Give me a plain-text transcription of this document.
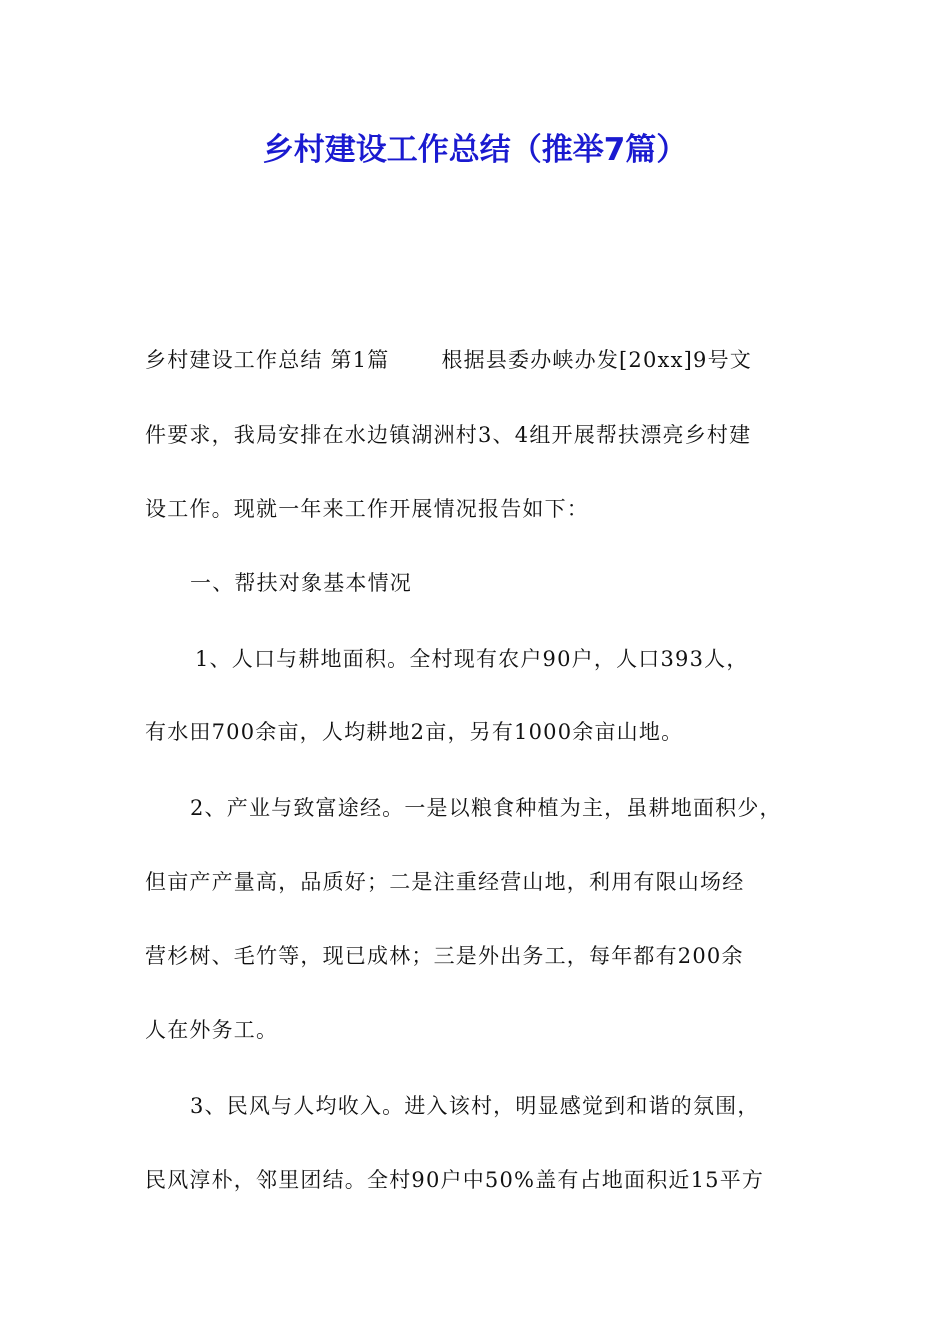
乡村建设工作总结（推举7篇）
乡村建设工作总结 第1篇 根据县委办峡办发[20xx]9号文
件要求，我局安排在水边镇湖洲村3、4组开展帮扶漂亮乡村建
设工作。现就一年来工作开展情况报告如下：
一、帮扶对象基本情况
1、人口与耕地面积。全村现有农户90户，人口393人，
有水田700余亩，人均耕地2亩，另有1000余亩山地。
2、产业与致富途经。一是以粮食种植为主，虽耕地面积少，
但亩产产量高，品质好；二是注重经营山地，利用有限山场经
营杉树、毛竹等，现已成林；三是外出务工，每年都有200余
人在外务工。
3、民风与人均收入。进入该村，明显感觉到和谐的氛围，
民风淳朴，邻里团结。全村90户中50%盖有占地面积近15平方
